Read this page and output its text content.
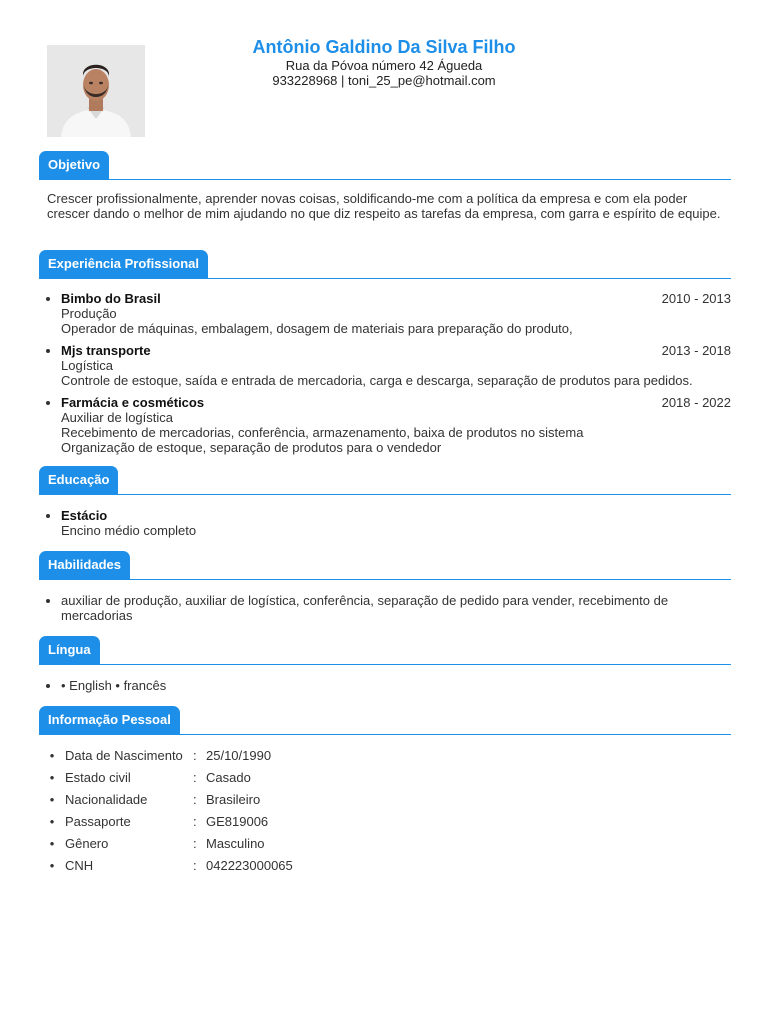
Antônio Galdino Da Silva Filho
Rua da Póvoa número 42 Águeda
933228968 | toni_25_pe@hotmail.com
Objetivo
Crescer profissionalmente, aprender novas coisas, soldificando-me com a política da empresa e com ela poder crescer dando o melhor de mim ajudando no que diz respeito as tarefas da empresa, com garra e espírito de equipe.
Experiência Profissional
• Bimbo do Brasil	2010 - 2013
Produção
Operador de máquinas, embalagem, dosagem de materiais para preparação do produto,
• Mjs transporte	2013 - 2018
Logística
Controle de estoque, saída e entrada de mercadoria, carga e descarga, separação de produtos para pedidos.
• Farmácia e cosméticos	2018 - 2022
Auxiliar de logística
Recebimento de mercadorias, conferência, armazenamento, baixa de produtos no sistema
Organização de estoque, separação de produtos para o vendedor
Educação
• Estácio
Encino médio completo
Habilidades
• auxiliar de produção, auxiliar de logística, conferência, separação de pedido para vender, recebimento de mercadorias
Língua
• • English • francês
Informação Pessoal
•	Data de Nascimento	:	25/10/1990
•	Estado civil	:	Casado
•	Nacionalidade	:	Brasileiro
•	Passaporte	:	GE819006
•	Gênero	:	Masculino
•	CNH	:	042223000065
